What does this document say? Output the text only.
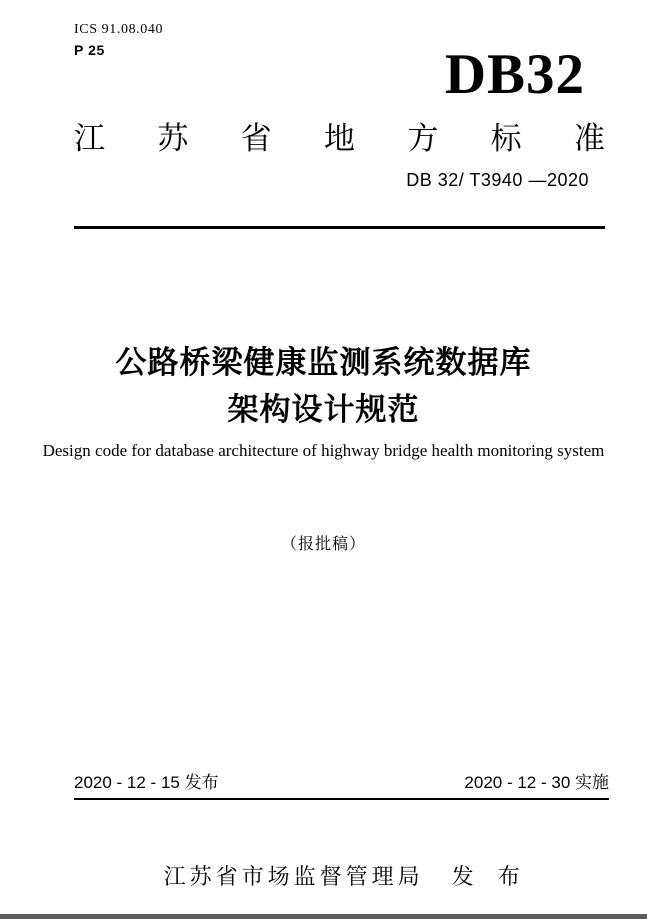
ICS 91.08.040
P 25	DB32
江苏省地方标准
DB 32/ T3940 —2020
公路桥梁健康监测系统数据库
架构设计规范
Design code for database architecture of highway bridge health monitoring system
（报批稿）
2020 - 12 - 15 发布	2020 - 12 - 30 实施

江苏省市场监督管理局 发  布
